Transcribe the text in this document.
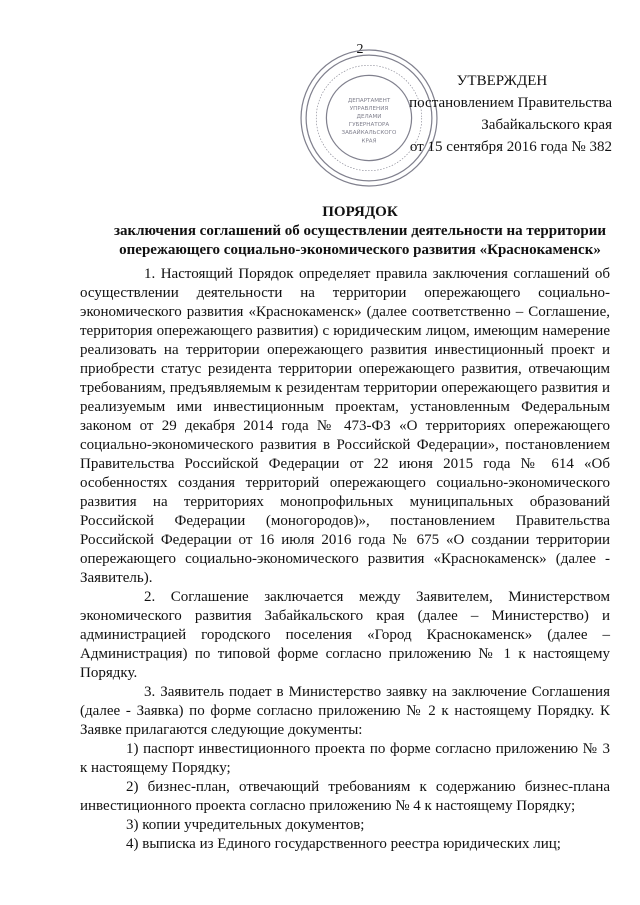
2
ДЕПАРТАМЕНТ
УПРАВЛЕНИЯ
ДЕЛАМИ
ГУБЕРНАТОРА
ЗАБАЙКАЛЬСКОГО
КРАЯ
УТВЕРЖДЕН
постановлением Правительства
Забайкальского края
от 15 сентября 2016 года № 382
ПОРЯДОК
заключения соглашений об осуществлении деятельности на территории
опережающего социально-экономического развития «Краснокаменск»

1. Настоящий Порядок определяет правила заключения соглашений об осуществлении деятельности на территории опережающего социально-экономического развития «Краснокаменск» (далее соответственно – Соглашение, территория опережающего развития) с юридическим лицом, имеющим намерение реализовать на территории опережающего развития инвестиционный проект и приобрести статус резидента территории опережающего развития, отвечающим требованиям, предъявляемым к резидентам территории опережающего развития и реализуемым ими инвестиционным проектам, установленным Федеральным законом от 29 декабря 2014 года № 473-ФЗ «О территориях опережающего социально-экономического развития в Российской Федерации», постановлением Правительства Российской Федерации от 22 июня 2015 года № 614 «Об особенностях создания территорий опережающего социально-экономического развития на территориях монопрофильных муниципальных образований Российской Федерации (моногородов)», постановлением Правительства Российской Федерации от 16 июля 2016 года № 675 «О создании территории опережающего социально-экономического развития «Краснокаменск» (далее - Заявитель).

2. Соглашение заключается между Заявителем, Министерством экономического развития Забайкальского края (далее – Министерство) и администрацией городского поселения «Город Краснокаменск» (далее – Администрация) по типовой форме согласно приложению № 1 к настоящему Порядку.

3. Заявитель подает в Министерство заявку на заключение Соглашения (далее - Заявка) по форме согласно приложению № 2 к настоящему Порядку. К Заявке прилагаются следующие документы:

1) паспорт инвестиционного проекта по форме согласно приложению № 3 к настоящему Порядку;

2) бизнес-план, отвечающий требованиям к содержанию бизнес-плана инвестиционного проекта согласно приложению № 4 к настоящему Порядку;

3) копии учредительных документов;

4) выписка из Единого государственного реестра юридических лиц;
